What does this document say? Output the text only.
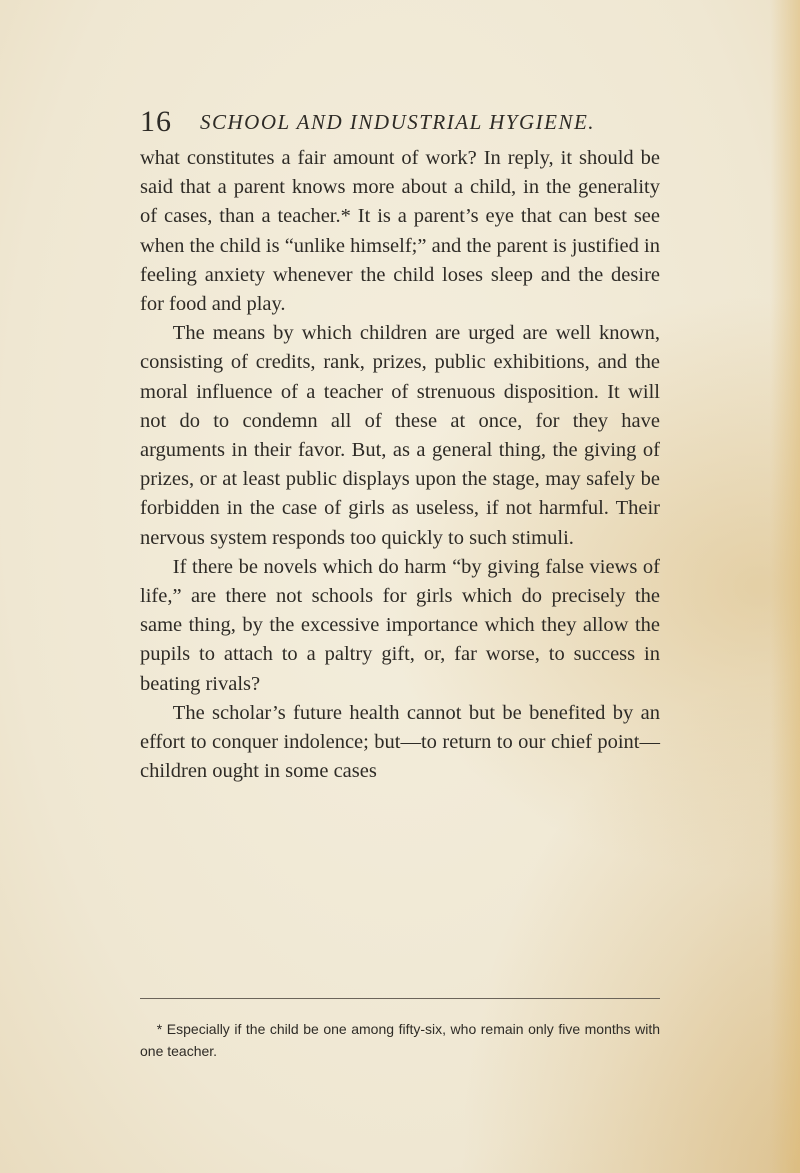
16 SCHOOL AND INDUSTRIAL HYGIENE.

what constitutes a fair amount of work? In reply, it should be said that a parent knows more about a child, in the generality of cases, than a teacher.* It is a parent’s eye that can best see when the child is “unlike himself;” and the parent is justified in feeling anxiety whenever the child loses sleep and the desire for food and play.

The means by which children are urged are well known, consisting of credits, rank, prizes, public exhibitions, and the moral influence of a teacher of strenuous disposition. It will not do to condemn all of these at once, for they have arguments in their favor. But, as a general thing, the giving of prizes, or at least public displays upon the stage, may safely be forbidden in the case of girls as useless, if not harmful. Their nervous system responds too quickly to such stimuli.

If there be novels which do harm “by giving false views of life,” are there not schools for girls which do precisely the same thing, by the excessive importance which they allow the pupils to attach to a paltry gift, or, far worse, to success in beating rivals?

The scholar’s future health cannot but be benefited by an effort to conquer indolence; but—to return to our chief point—children ought in some cases

* Especially if the child be one among fifty-six, who remain only five months with one teacher.
